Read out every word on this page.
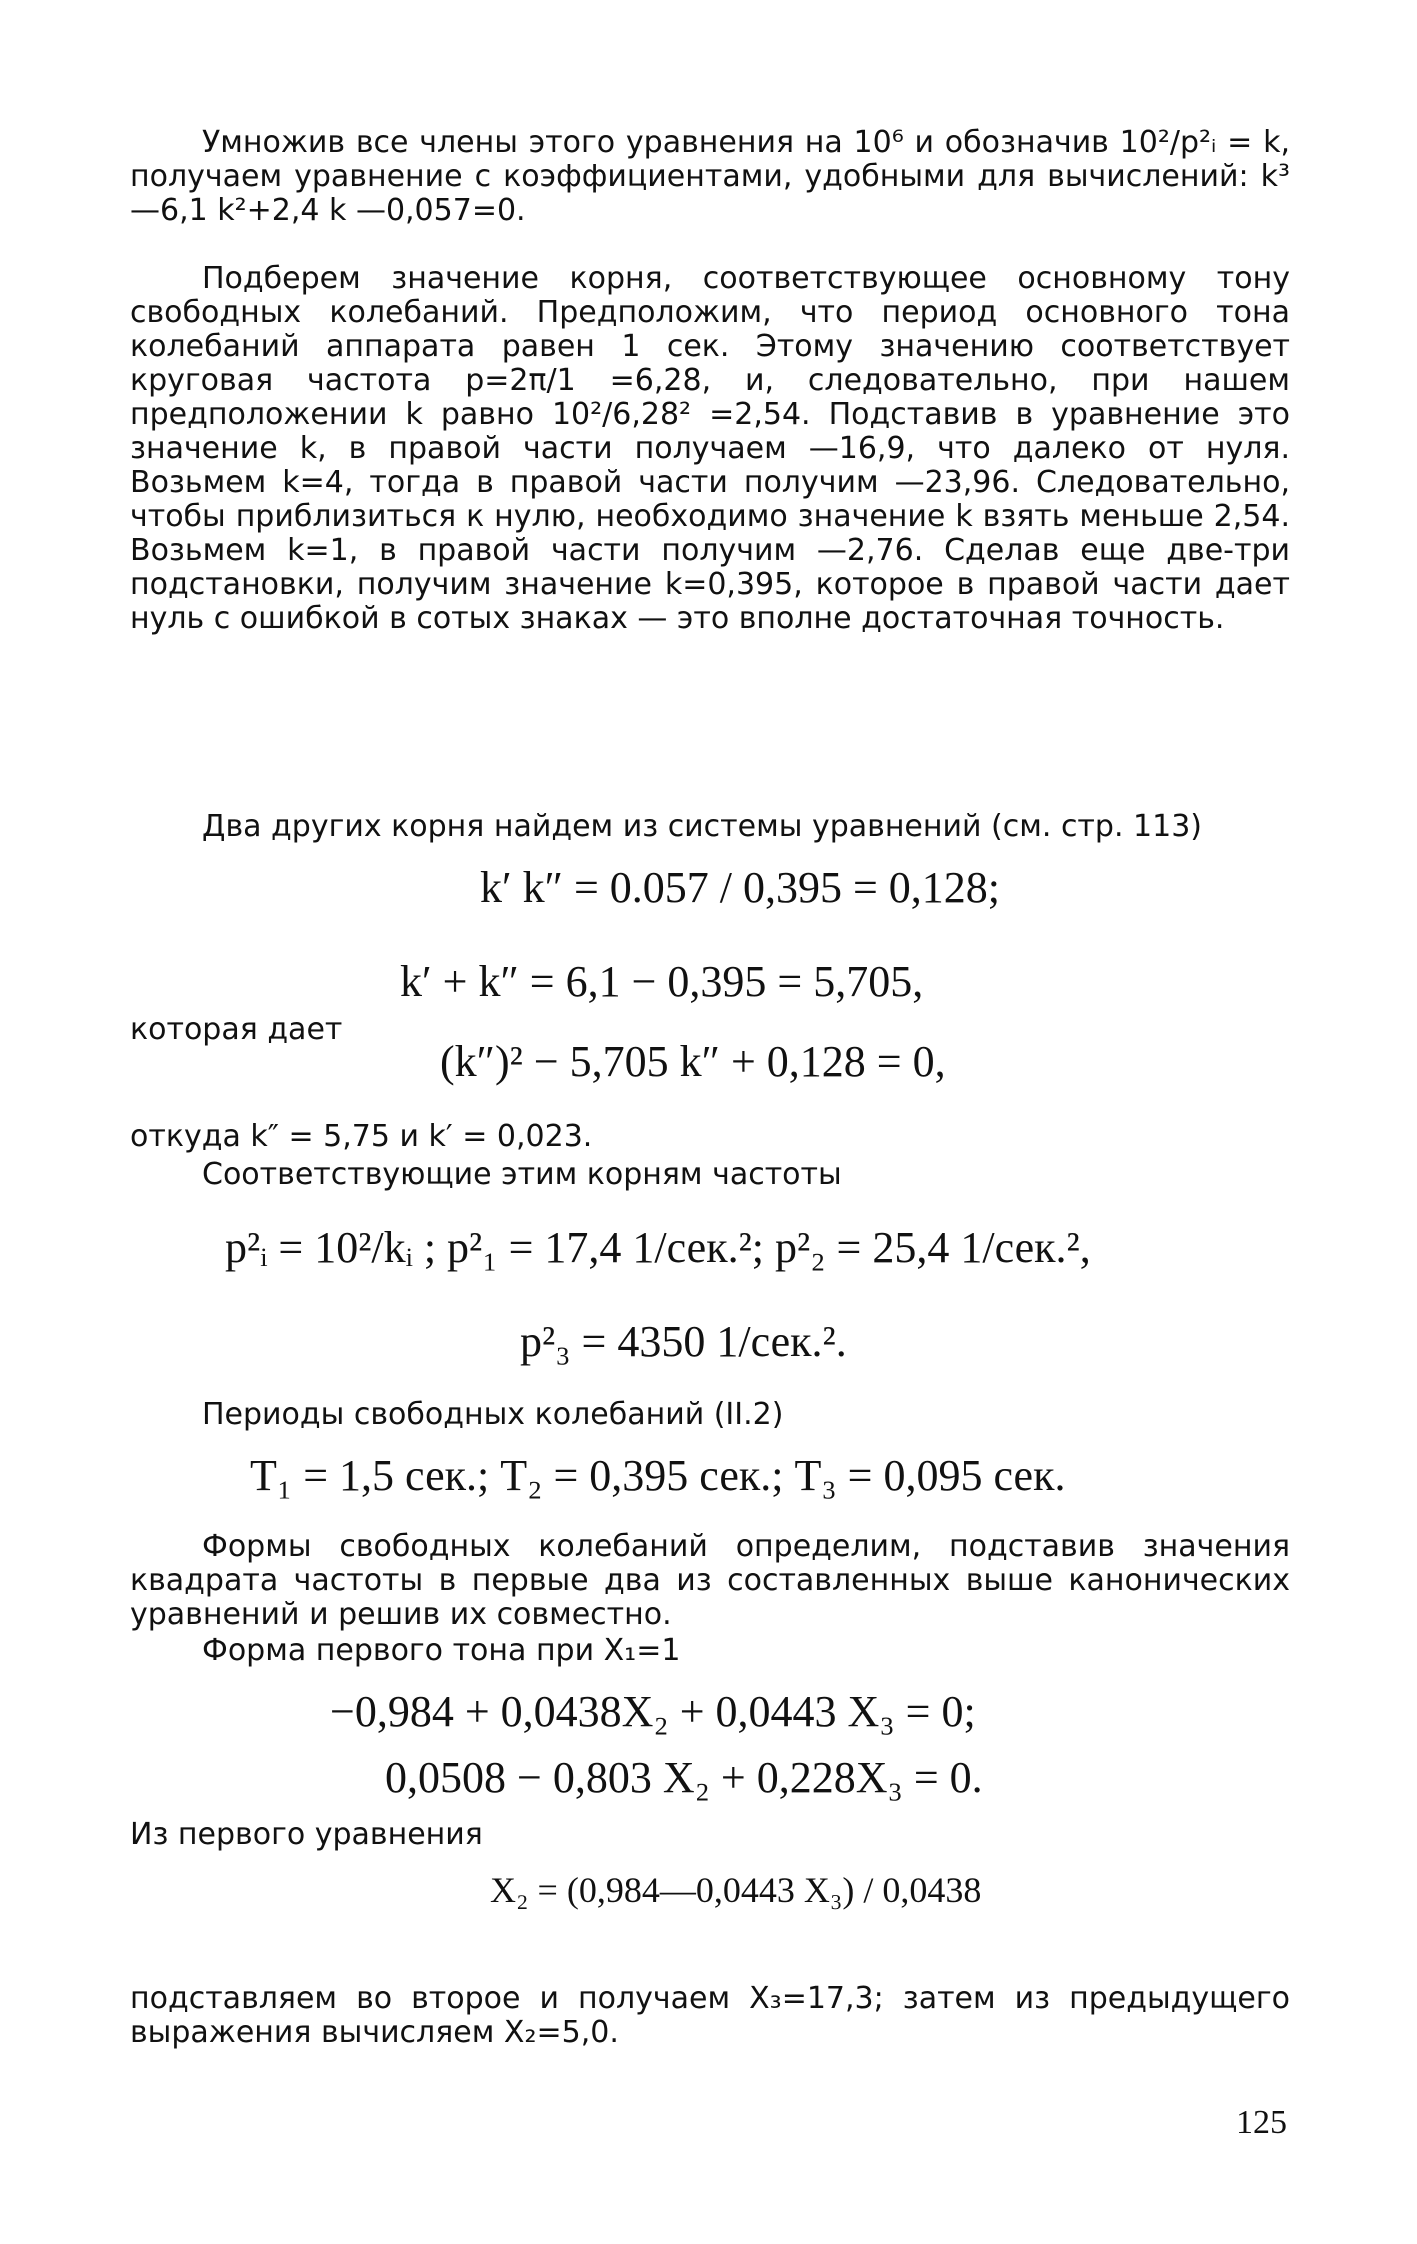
Умножив все члены этого уравнения на 10⁶ и обозначив 10²/p²ᵢ = k, получаем уравнение с коэффициентами, удобными для вычислений: k³—6,1 k²+2,4 k —0,057=0.
Подберем значение корня, соответствующее основному тону свободных колебаний. Предположим, что период основного тона колебаний аппарата равен 1 сек. Этому значению соответствует круговая частота p=2π/1 =6,28, и, следовательно, при нашем предположении k равно 10²/6,28² =2,54. Подставив в уравнение это значение k, в правой части получаем —16,9, что далеко от нуля. Возьмем k=4, тогда в правой части получим —23,96. Следовательно, чтобы приблизиться к нулю, необходимо значение k взять меньше 2,54. Возьмем k=1, в правой части получим —2,76. Сделав еще две-три подстановки, получим значение k=0,395, которое в правой части дает нуль с ошибкой в сотых знаках — это вполне достаточная точность.
Два других корня найдем из системы уравнений (см. стр. 113)
k′ k″ = 0.057 / 0,395 = 0,128;
k′ + k″ = 6,1 − 0,395 = 5,705,
которая дает
(k″)² − 5,705 k″ + 0,128 = 0,
откуда k″ = 5,75 и k′ = 0,023.
Соответствующие этим корням частоты
p²ᵢ = 10²/kᵢ ; p²₁ = 17,4 1/сек.²; p²₂ = 25,4 1/сек.²,
p²₃ = 4350 1/сек.².
Периоды свободных колебаний (II.2)
T₁ = 1,5 сек.; T₂ = 0,395 сек.; T₃ = 0,095 сек.
Формы свободных колебаний определим, подставив значения квадрата частоты в первые два из составленных выше канонических уравнений и решив их совместно.
Форма первого тона при X₁=1
−0,984 + 0,0438X₂ + 0,0443 X₃ = 0;
0,0508 − 0,803 X₂ + 0,228X₃ = 0.
Из первого уравнения
X₂ = (0,984—0,0443 X₃) / 0,0438
подставляем во второе и получаем X₃=17,3; затем из предыдущего выражения вычисляем X₂=5,0.
125
